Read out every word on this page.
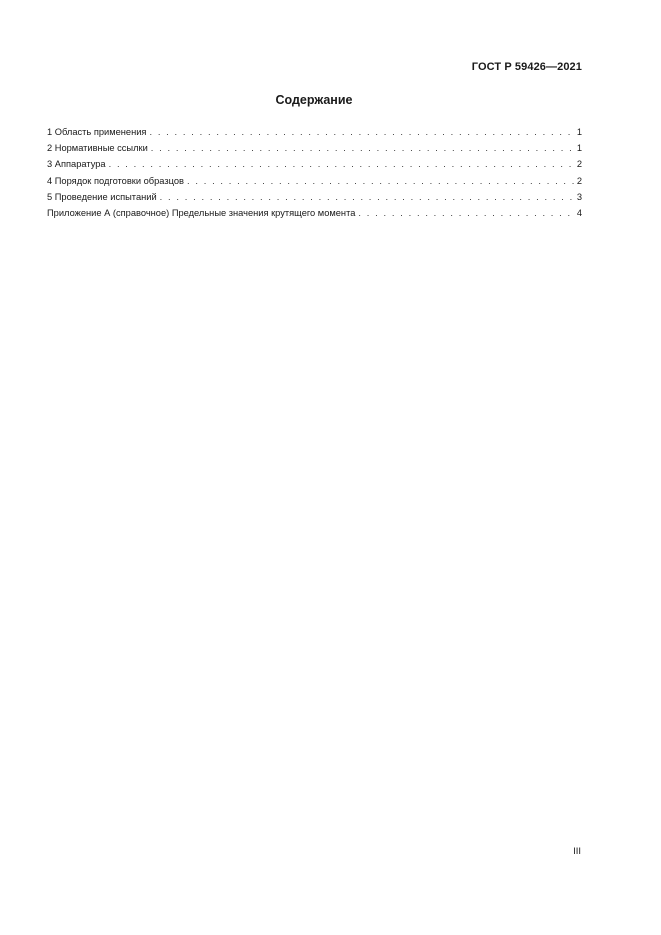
ГОСТ Р 59426—2021
Содержание
1 Область применения . . .	1
2 Нормативные ссылки . . .	1
3 Аппаратура . . .	2
4 Порядок подготовки образцов . . .	2
5 Проведение испытаний . . .	3
Приложение А (справочное) Предельные значения крутящего момента . . .	4
III
